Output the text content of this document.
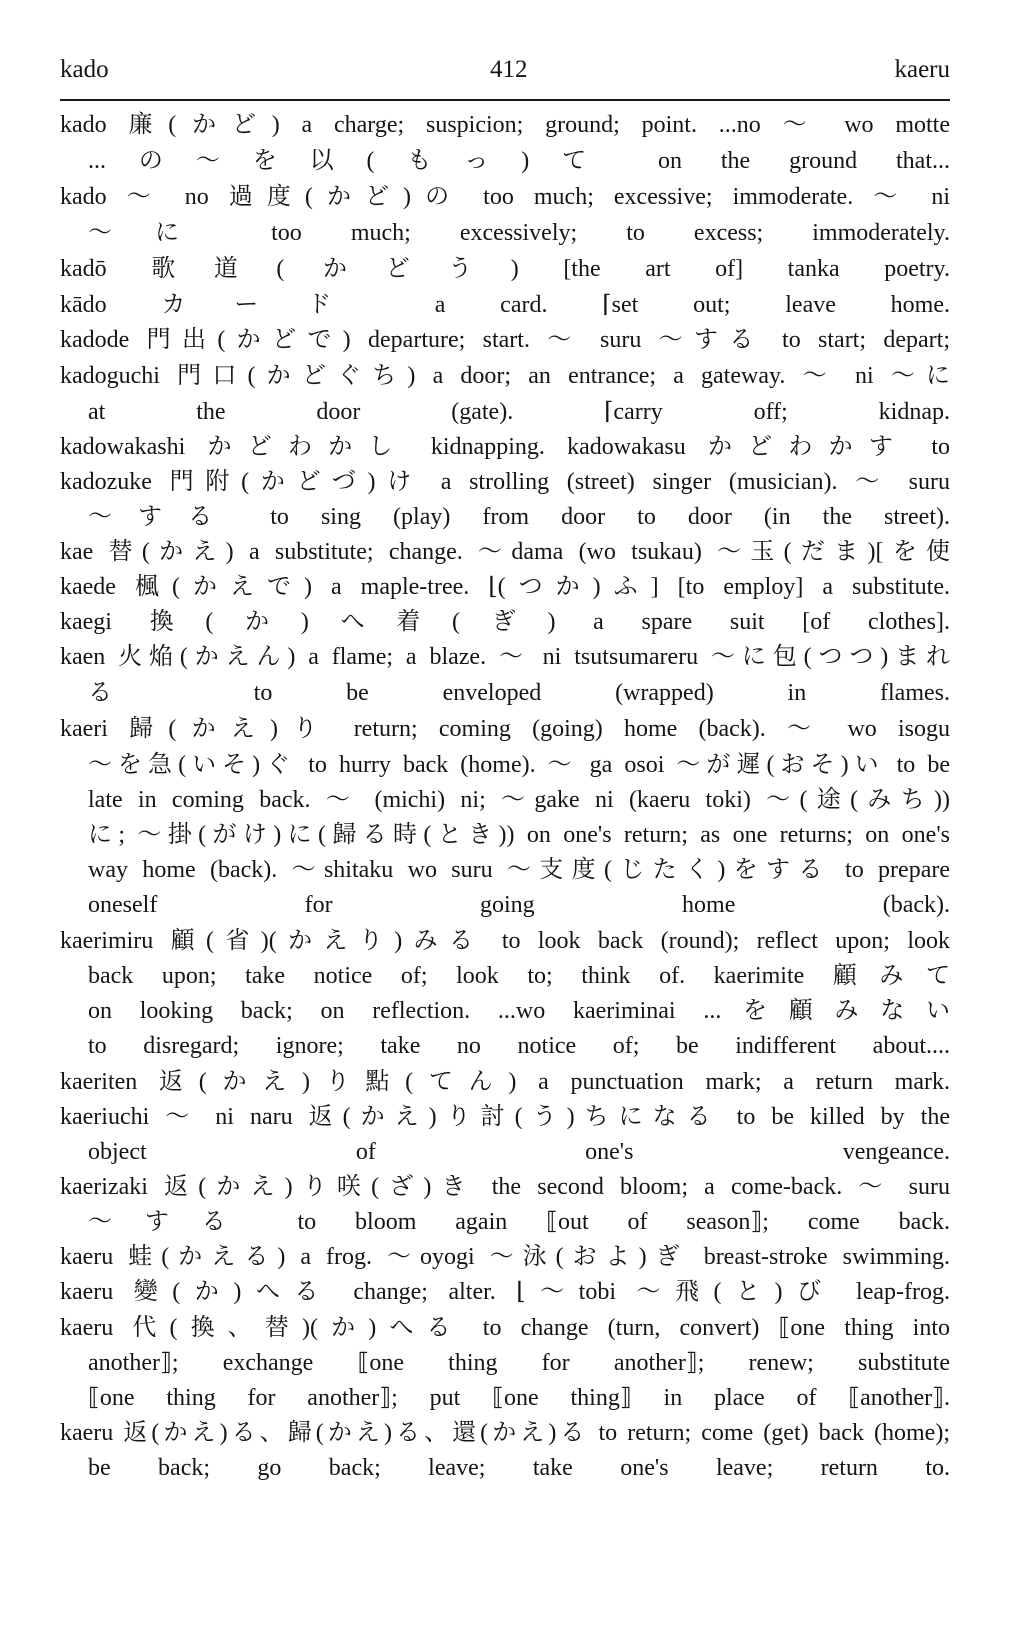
kado	412	kaeru
kado 廉(かど) a charge; suspicion; ground; point. ...no ～ wo motte
...の～を以(もっ)て on the ground that...
kado ～ no 過度(かど)の too much; excessive; immoderate. ～ ni
～に too much; excessively; to excess; immoderately.
kadō 歌道(かどう) [the art of] tanka poetry.
kādo カード a card. ⌈set out; leave home.
kadode 門出(かどで) departure; start. ～ suru ～する to start; depart;
kadoguchi 門口(かどぐち) a door; an entrance; a gateway. ～ ni ～に
at the door (gate). ⌈carry off; kidnap.
kadowakashi かどわかし kidnapping. kadowakasu かどわかす to
kadozuke 門附(かどづ)け a strolling (street) singer (musician). ～ suru
～する to sing (play) from door to door (in the street).
kae 替(かえ) a substitute; change. ～dama (wo tsukau) ～玉(だま)[を使
kaede 楓(かえで) a maple-tree. ⌊(つか)ふ] [to employ] a substitute.
kaegi 換(か)へ着(ぎ) a spare suit [of clothes].
kaen 火焔(かえん) a flame; a blaze. ～ ni tsutsumareru ～に包(つつ)まれ
る to be enveloped (wrapped) in flames.
kaeri 歸(かえ)り return; coming (going) home (back). ～ wo isogu
～を急(いそ)ぐ to hurry back (home). ～ ga osoi ～が遲(おそ)い to be
late in coming back. ～ (michi) ni; ～gake ni (kaeru toki) ～(途(みち))
に; ～掛(がけ)に(歸る時(とき)) on one's return; as one returns; on one's
way home (back). ～shitaku wo suru ～支度(じたく)をする to prepare
oneself for going home (back).
kaerimiru 顧(省)(かえり)みる to look back (round); reflect upon; look
back upon; take notice of; look to; think of. kaerimite 顧みて
on looking back; on reflection. ...wo kaeriminai ...を顧みない
to disregard; ignore; take no notice of; be indifferent about....
kaeriten 返(かえ)り點(てん) a punctuation mark; a return mark.
kaeriuchi ～ ni naru 返(かえ)り討(う)ちになる to be killed by the
object of one's vengeance.
kaerizaki 返(かえ)り咲(ざ)き the second bloom; a come-back. ～ suru
～する to bloom again ⟦out of season⟧; come back.
kaeru 蛙(かえる) a frog. ～oyogi ～泳(およ)ぎ breast-stroke swimming.
kaeru 變(か)へる change; alter. ⌊～tobi ～飛(と)び leap-frog.
kaeru 代(換、替)(か)へる to change (turn, convert) ⟦one thing into
another⟧; exchange ⟦one thing for another⟧; renew; substitute
⟦one thing for another⟧; put ⟦one thing⟧ in place of ⟦another⟧.
kaeru 返(かえ)る、歸(かえ)る、還(かえ)る to return; come (get) back (home);
be back; go back; leave; take one's leave; return to.
